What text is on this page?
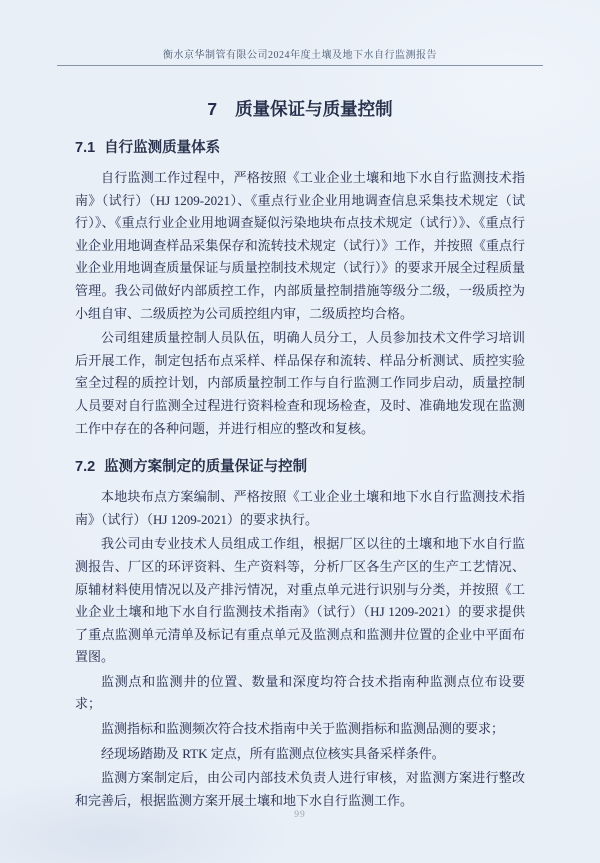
衡水京华制管有限公司2024年度土壤及地下水自行监测报告
7 质量保证与质量控制
7.1 自行监测质量体系

自行监测工作过程中，严格按照《工业企业土壤和地下水自行监测技术指南》（试行）（HJ 1209-2021）、《重点行业企业用地调查信息采集技术规定（试行）》、《重点行业企业用地调查疑似污染地块布点技术规定（试行）》、《重点行业企业用地调查样品采集保存和流转技术规定（试行）》工作，并按照《重点行业企业用地调查质量保证与质量控制技术规定（试行）》的要求开展全过程质量管理。我公司做好内部质控工作，内部质量控制措施等级分二级，一级质控为小组自审、二级质控为公司质控组内审，二级质控均合格。

公司组建质量控制人员队伍，明确人员分工，人员参加技术文件学习培训后开展工作，制定包括布点采样、样品保存和流转、样品分析测试、质控实验室全过程的质控计划，内部质量控制工作与自行监测工作同步启动，质量控制人员要对自行监测全过程进行资料检查和现场检查，及时、准确地发现在监测工作中存在的各种问题，并进行相应的整改和复核。

7.2 监测方案制定的质量保证与控制

本地块布点方案编制、严格按照《工业企业土壤和地下水自行监测技术指南》（试行）（HJ 1209-2021）的要求执行。

我公司由专业技术人员组成工作组，根据厂区以往的土壤和地下水自行监测报告、厂区的环评资料、生产资料等，分析厂区各生产区的生产工艺情况、原辅材料使用情况以及产排污情况，对重点单元进行识别与分类，并按照《工业企业土壤和地下水自行监测技术指南》（试行）（HJ 1209-2021）的要求提供了重点监测单元清单及标记有重点单元及监测点和监测井位置的企业中平面布置图。

监测点和监测井的位置、数量和深度均符合技术指南种监测点位布设要求；

监测指标和监测频次符合技术指南中关于监测指标和监测品测的要求；

经现场踏勘及 RTK 定点，所有监测点位核实具备采样条件。

监测方案制定后，由公司内部技术负责人进行审核，对监测方案进行整改和完善后，根据监测方案开展土壤和地下水自行监测工作。

99
